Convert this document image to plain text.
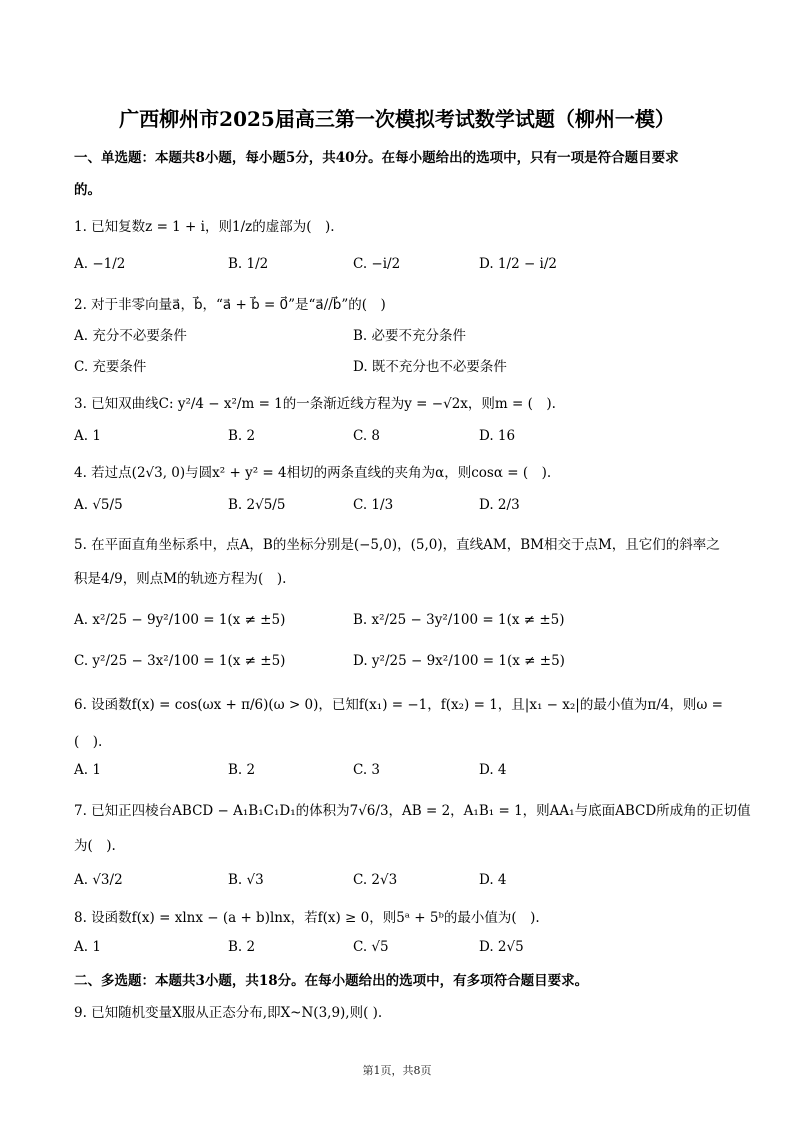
广西柳州市2025届高三第一次模拟考试数学试题（柳州一模）
一、单选题：本题共8小题，每小题5分，共40分。在每小题给出的选项中，只有一项是符合题目要求
的。
1. 已知复数z = 1 + i，则1/z的虚部为(　).
A. −1/2	B. 1/2	C. −i/2	D. 1/2 − i/2
2. 对于非零向量a⃗，b⃗，“a⃗ + b⃗ = 0⃗”是“a⃗//b⃗”的(　)
A. 充分不必要条件	B. 必要不充分条件
C. 充要条件	D. 既不充分也不必要条件
3. 已知双曲线C: y²/4 − x²/m = 1的一条渐近线方程为y = −√2x，则m = (　).
A. 1	B. 2	C. 8	D. 16
4. 若过点(2√3, 0)与圆x² + y² = 4相切的两条直线的夹角为α，则cosα = (　).
A. √5/5	B. 2√5/5	C. 1/3	D. 2/3
5. 在平面直角坐标系中，点A，B的坐标分别是(−5,0)，(5,0)，直线AM，BM相交于点M，且它们的斜率之
积是4/9，则点M的轨迹方程为(　).
A. x²/25 − 9y²/100 = 1(x ≠ ±5)	B. x²/25 − 3y²/100 = 1(x ≠ ±5)
C. y²/25 − 3x²/100 = 1(x ≠ ±5)	D. y²/25 − 9x²/100 = 1(x ≠ ±5)
6. 设函数f(x) = cos(ωx + π/6)(ω > 0)，已知f(x₁) = −1，f(x₂) = 1，且|x₁ − x₂|的最小值为π/4，则ω =
(　).
A. 1	B. 2	C. 3	D. 4
7. 已知正四棱台ABCD − A₁B₁C₁D₁的体积为7√6/3，AB = 2，A₁B₁ = 1，则AA₁与底面ABCD所成角的正切值
为(　).
A. √3/2	B. √3	C. 2√3	D. 4
8. 设函数f(x) = xlnx − (a + b)lnx，若f(x) ≥ 0，则5ᵃ + 5ᵇ的最小值为(　).
A. 1	B. 2	C. √5	D. 2√5
二、多选题：本题共3小题，共18分。在每小题给出的选项中，有多项符合题目要求。
9. 已知随机变量X服从正态分布,即X~N(3,9),则( ).
第1页，共8页
